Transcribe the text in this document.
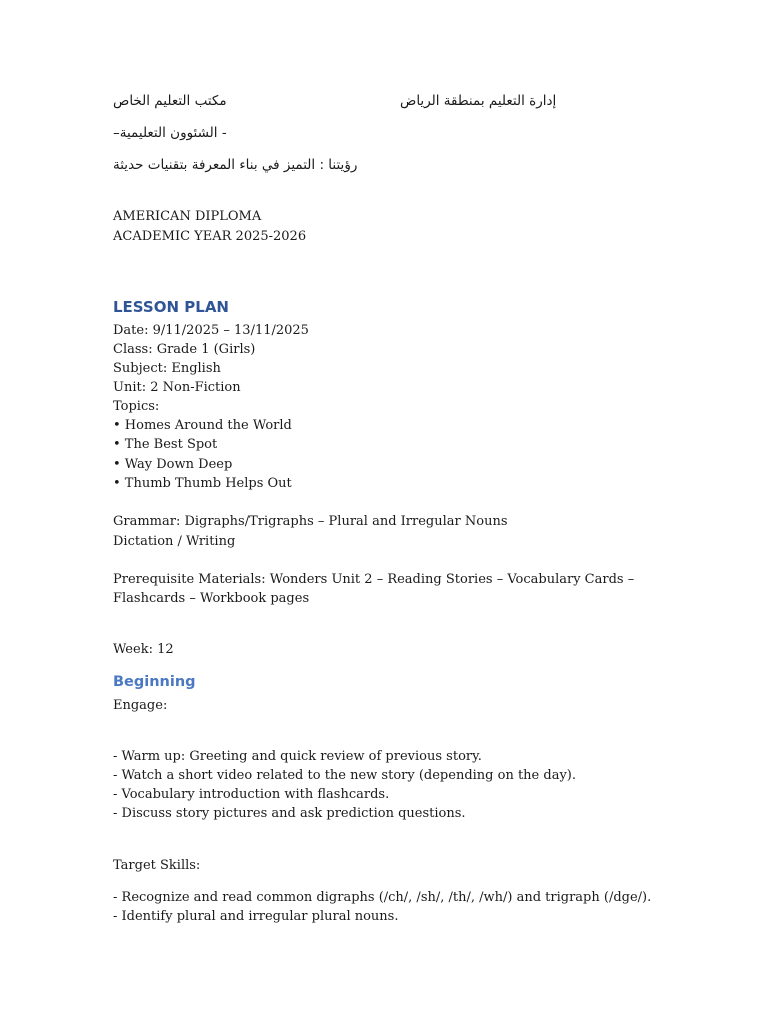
مكتب التعليم الخاص	إدارة التعليم بمنطقة الرياض
- الشئوون التعليمية–
رؤيتنا : التميز في بناء المعرفة بتقنيات حديثة
AMERICAN DIPLOMA
ACADEMIC YEAR 2025-2026
LESSON PLAN
Date: 9/11/2025 – 13/11/2025
Class: Grade 1 (Girls)
Subject: English
Unit: 2 Non-Fiction
Topics:
• Homes Around the World
• The Best Spot
• Way Down Deep
• Thumb Thumb Helps Out
Grammar: Digraphs/Trigraphs – Plural and Irregular Nouns
Dictation / Writing
Prerequisite Materials: Wonders Unit 2 – Reading Stories – Vocabulary Cards – Flashcards – Workbook pages
Week: 12
Beginning
Engage:
- Warm up: Greeting and quick review of previous story.
- Watch a short video related to the new story (depending on the day).
- Vocabulary introduction with flashcards.
- Discuss story pictures and ask prediction questions.
Target Skills:
- Recognize and read common digraphs (/ch/, /sh/, /th/, /wh/) and trigraph (/dge/).
- Identify plural and irregular plural nouns.
